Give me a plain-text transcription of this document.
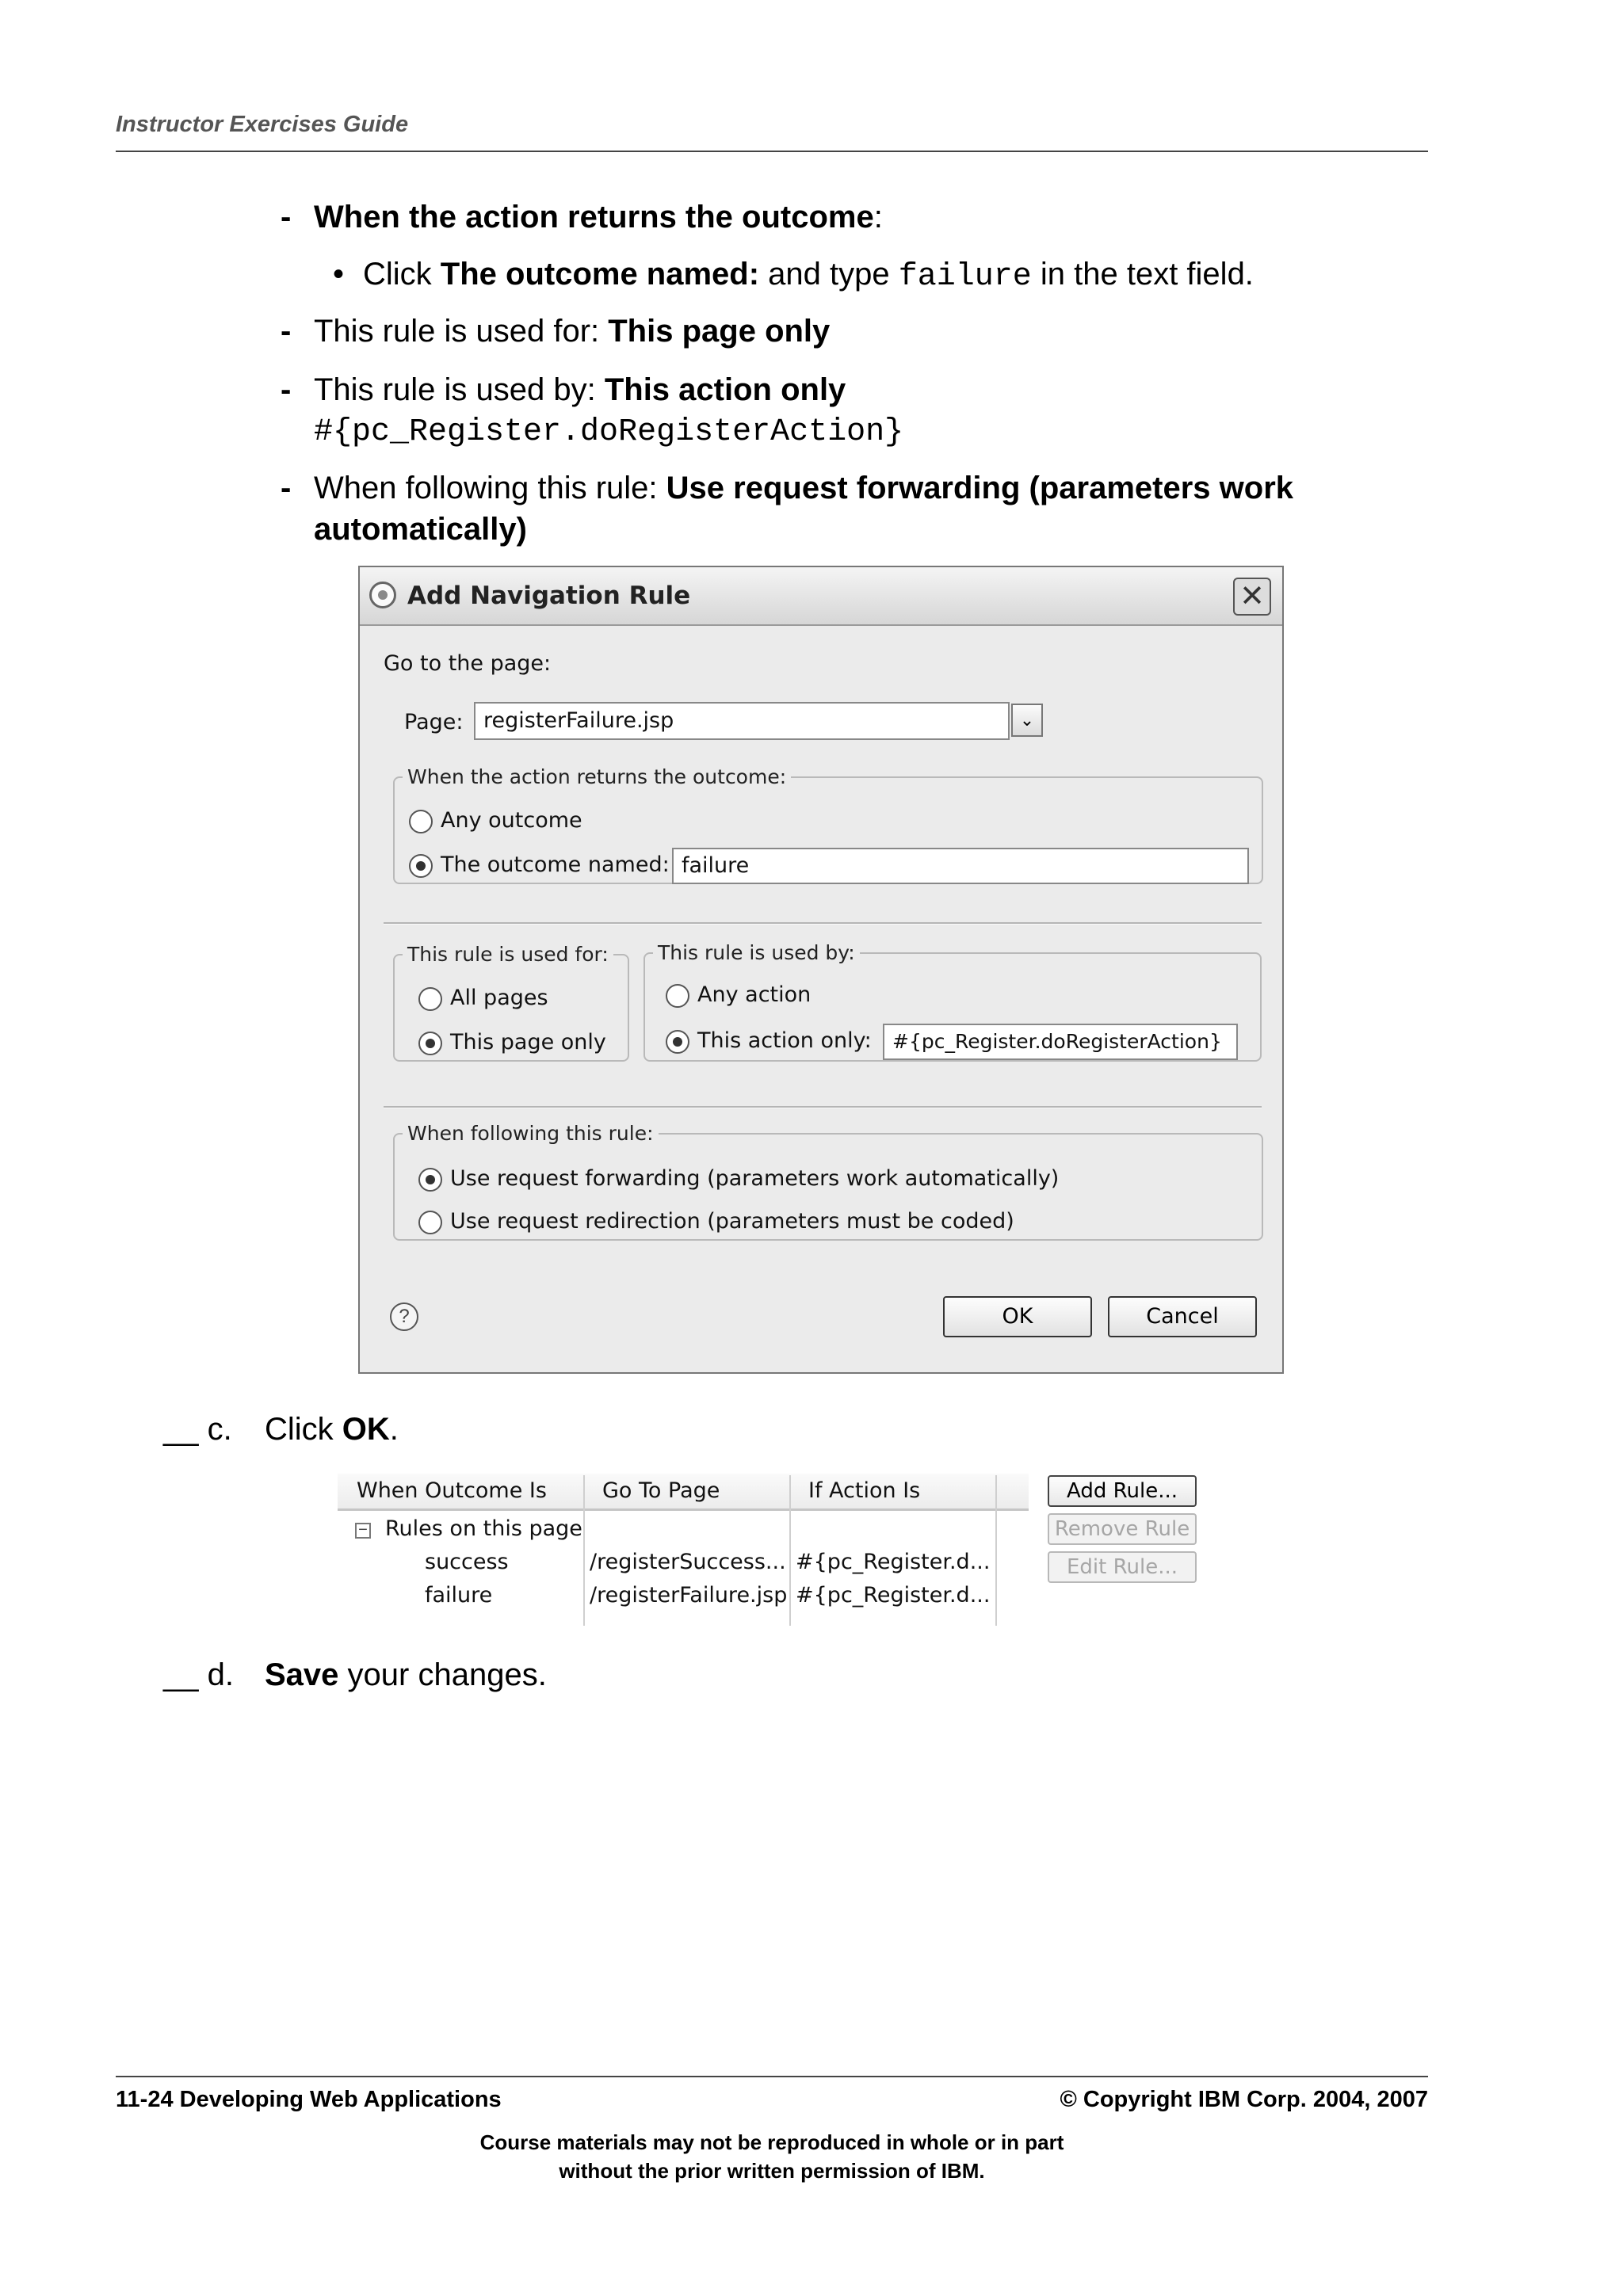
Instructor Exercises Guide
- When the action returns the outcome:
• Click The outcome named: and type failure in the text field.
- This rule is used for: This page only
- This rule is used by: This action only
#{pc_Register.doRegisterAction}
- When following this rule: Use request forwarding (parameters work
automatically)
Add Navigation Rule	✕
Go to the page:
Page: registerFailure.jsp	⌄
When the action returns the outcome:
Any outcome
The outcome named: failure
This rule is used for:
All pages
This page only
This rule is used by:
Any action
This action only:	#{pc_Register.doRegisterAction}
When following this rule:
Use request forwarding (parameters work automatically)
Use request redirection (parameters must be coded)
?	OK	Cancel
__ c. Click OK.
When Outcome Is	Go To Page	If Action Is
− Rules on this page
success	/registerSuccess... #{pc_Register.d...
failure	/registerFailure.jsp #{pc_Register.d...
Add Rule...
Remove Rule
Edit Rule...
__ d. Save your changes.
11-24 Developing Web Applications	© Copyright IBM Corp. 2004, 2007
Course materials may not be reproduced in whole or in part
without the prior written permission of IBM.
